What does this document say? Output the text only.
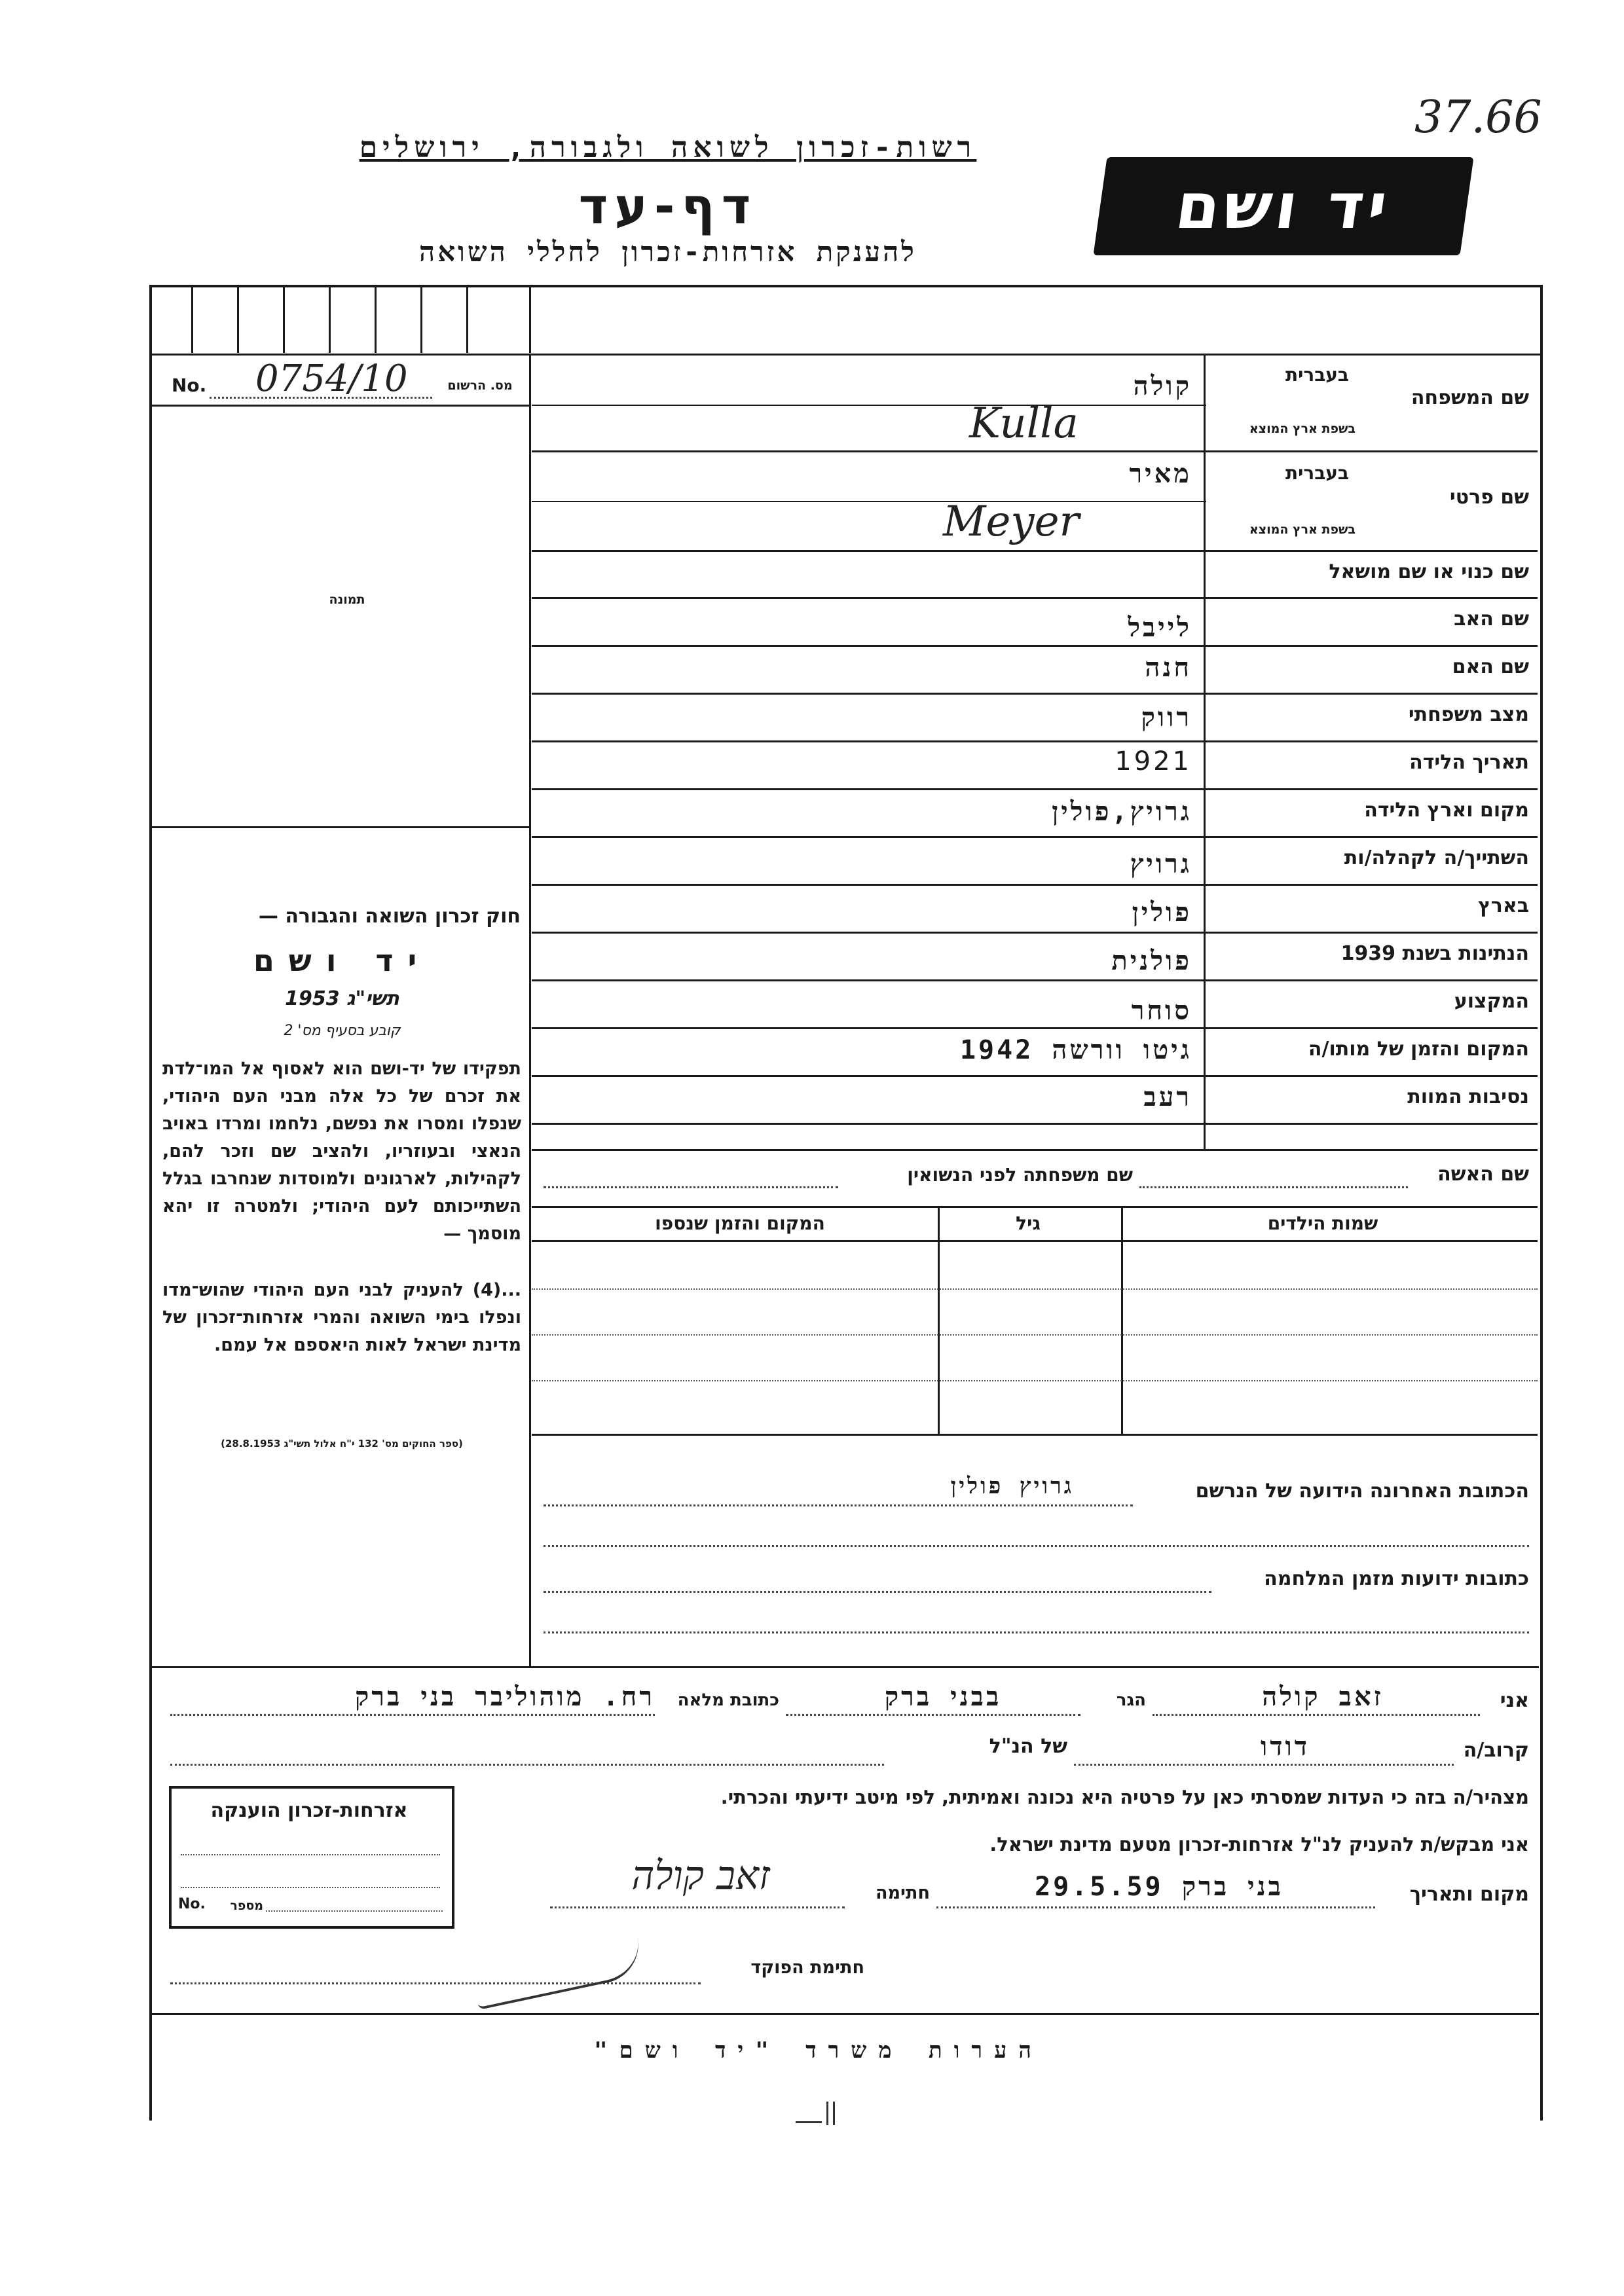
רשות-זכרון לשואה ולגבורה, ירושלים
דף-עד
להענקת אזרחות-זכרון לחללי השואה
יד ושם
37.66
No. 0754/10	מס. הרשום
תמונה
חוק זכרון השואה והגבורה —
יד ושם
תשי"ג 1953
קובע בסעיף מס' 2
תפקידו של יד-ושם הוא לאסוף אל המו־לדת את זכרם של כל אלה מבני העם היהודי, שנפלו ומסרו את נפשם, נלחמו ומרדו באויב הנאצי ובעוזריו, ולהציב שם וזכר להם, לקהילות, לארגונים ולמוסדות שנחרבו בגלל השתייכותם לעם היהודי; ולמטרה זו יהא מוסמך —
...(4) להעניק לבני העם היהודי שהוש־מדו ונפלו בימי השואה והמרי אזרחות־זכרון של מדינת ישראל לאות היאספם אל עמם.
(ספר החוקים מס' 132 י"ח אלול תשי"ג 28.8.1953)
שם המשפחה
בעברית
בשפת ארץ המוצא
קולה
Kulla
שם פרטי
בעברית
בשפת ארץ המוצא
מאיר
Meyer
שם כנוי או שם מושאל
שם האב
לייבל
שם האם
חנה
מצב משפחתי
רווק
תאריך הלידה
1921
מקום וארץ הלידה
גרויץ,פולין
השתייך/ה לקהלה/ות
גרויץ
בארץ
פולין
הנתינות בשנת 1939
פולנית
המקצוע
סוחר
המקום והזמן של מותו/ה
גיטו וורשה 1942
נסיבות המוות
רעב
שם האשה
שם משפחתה לפני הנשואין
שמות הילדים
גיל
המקום והזמן שנספו
הכתובת האחרונה הידועה של הנרשם
גרויץ פולין
כתובות ידועות מזמן המלחמה
אני
זאב קולה
הגר
בבני ברק
כתובת מלאה
רח. מוהוליבר בני ברק
קרוב/ה
דודו
של הנ"ל
מצהיר/ה בזה כי העדות שמסרתי כאן על פרטיה היא נכונה ואמיתית, לפי מיטב ידיעתי והכרתי.
אני מבקש/ת להעניק לנ"ל אזרחות-זכרון מטעם מדינת ישראל.
מקום ותאריך
בני ברק 29.5.59
חתימה
זאב קולה
חתימת הפוקד
אזרחות-זכרון הוענקה
No.	מספר
הערות משרד "יד ושם"
